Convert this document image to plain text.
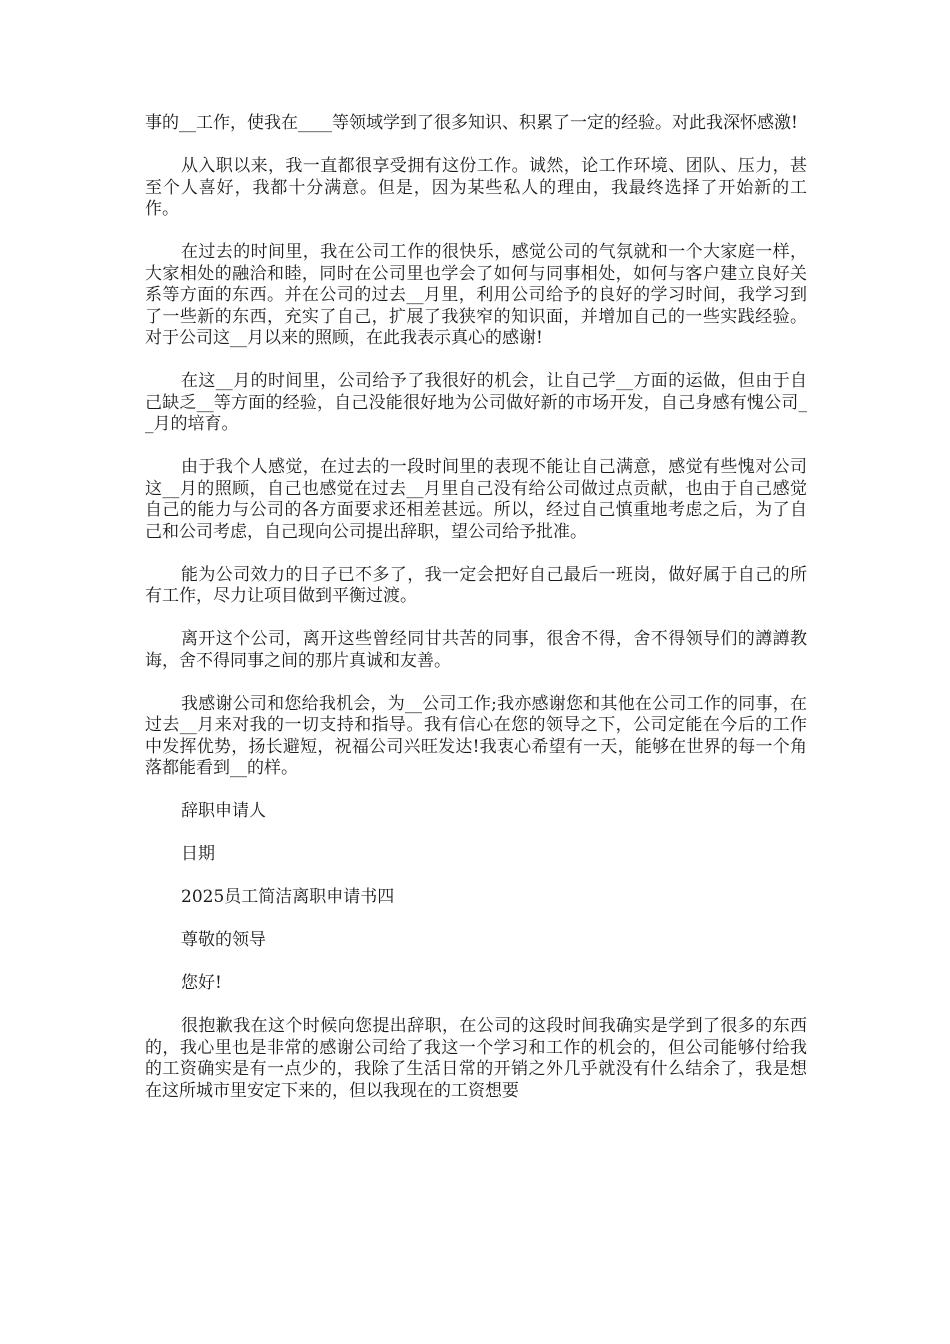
事的__工作，使我在____等领域学到了很多知识、积累了一定的经验。对此我深怀感激!

从入职以来，我一直都很享受拥有这份工作。诚然，论工作环境、团队、压力，甚至个人喜好，我都十分满意。但是，因为某些私人的理由，我最终选择了开始新的工作。

在过去的时间里，我在公司工作的很快乐，感觉公司的气氛就和一个大家庭一样，大家相处的融洽和睦，同时在公司里也学会了如何与同事相处，如何与客户建立良好关系等方面的东西。并在公司的过去__月里，利用公司给予的良好的学习时间，我学习到了一些新的东西，充实了自己，扩展了我狭窄的知识面，并增加自己的一些实践经验。对于公司这__月以来的照顾，在此我表示真心的感谢!

在这__月的时间里，公司给予了我很好的机会，让自己学__方面的运做，但由于自己缺乏__等方面的经验，自己没能很好地为公司做好新的市场开发，自己身感有愧公司__月的培育。

由于我个人感觉，在过去的一段时间里的表现不能让自己满意，感觉有些愧对公司这__月的照顾，自己也感觉在过去__月里自己没有给公司做过点贡献，也由于自己感觉自己的能力与公司的各方面要求还相差甚远。所以，经过自己慎重地考虑之后，为了自己和公司考虑，自己现向公司提出辞职，望公司给予批准。

能为公司效力的日子已不多了，我一定会把好自己最后一班岗，做好属于自己的所有工作，尽力让项目做到平衡过渡。

离开这个公司，离开这些曾经同甘共苦的同事，很舍不得，舍不得领导们的譐譐教诲，舍不得同事之间的那片真诚和友善。

我感谢公司和您给我机会，为__公司工作;我亦感谢您和其他在公司工作的同事，在过去__月来对我的一切支持和指导。我有信心在您的领导之下，公司定能在今后的工作中发挥优势，扬长避短，祝福公司兴旺发达!我衷心希望有一天，能够在世界的每一个角落都能看到__的样。

辞职申请人

日期

2025员工简洁离职申请书四

尊敬的领导

您好!

很抱歉我在这个时候向您提出辞职，在公司的这段时间我确实是学到了很多的东西的，我心里也是非常的感谢公司给了我这一个学习和工作的机会的，但公司能够付给我的工资确实是有一点少的，我除了生活日常的开销之外几乎就没有什么结余了，我是想在这所城市里安定下来的，但以我现在的工资想要
